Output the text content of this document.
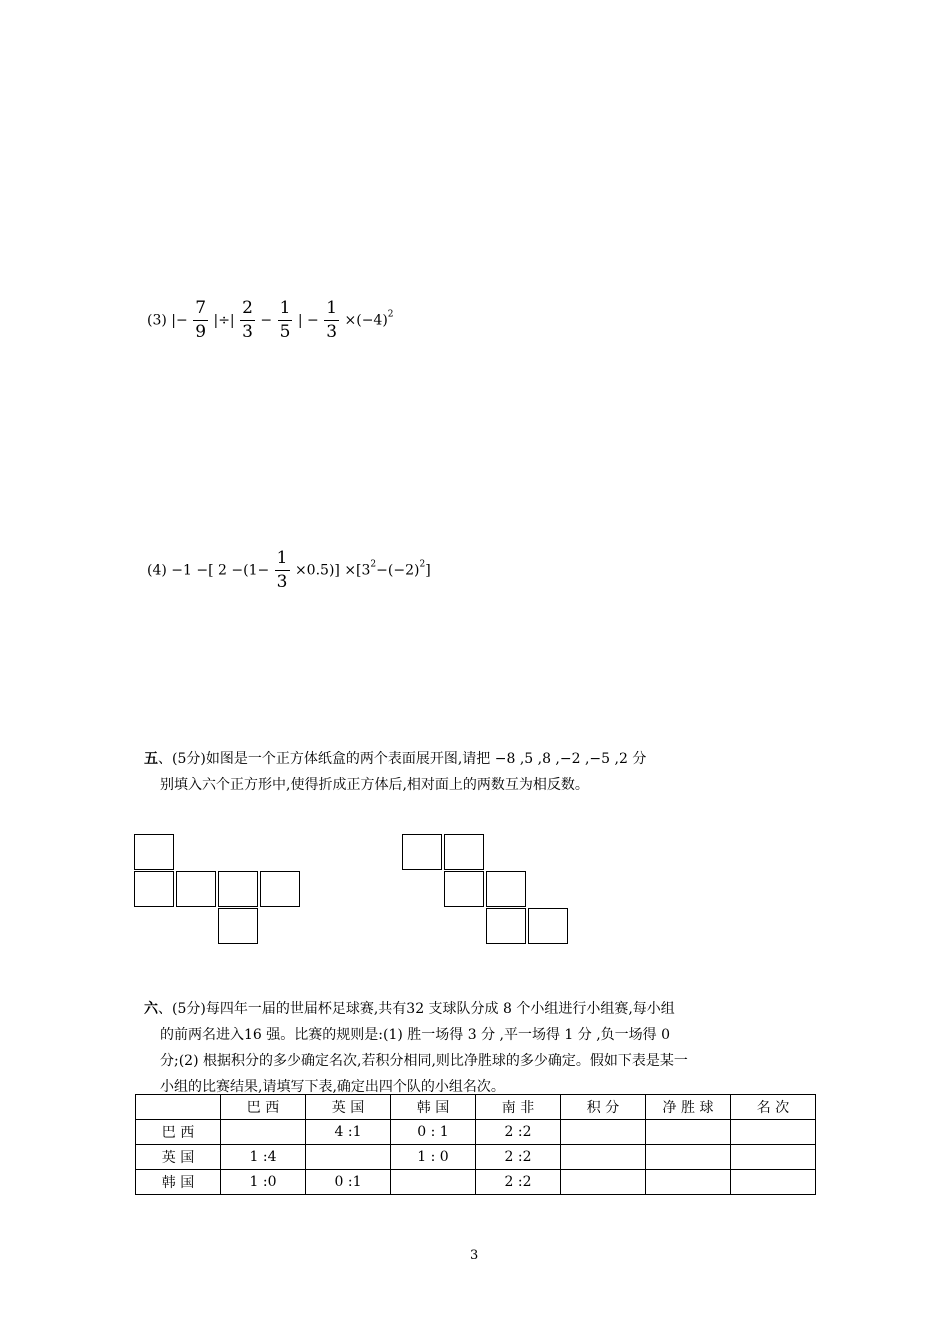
(3) |− $\frac{7}{9}$ |÷| $\frac{2}{3} - \frac{1}{5}$ | − $\frac{1}{3} \times(-4)^2$
(4) −1 −[ $2 -(1- \frac{1}{3} \times 0.5)] \times[3^2-(-2)^2]$
五、(5分)如图是一个正方体纸盒的两个表面展开图,请把 −8 ,5 ,8 ,−2 ,−5 ,2 分
别填入六个正方形中,使得折成正方体后,相对面上的两数互为相反数。
六、(5分)每四年一届的世届杯足球赛,共有32 支球队分成 8 个小组进行小组赛,每小组
的前两名进入16 强。比赛的规则是:(1) 胜一场得 3 分 ,平一场得 1 分 ,负一场得 0
分;(2) 根据积分的多少确定名次,若积分相同,则比净胜球的多少确定。假如下表是某一
小组的比赛结果,请填写下表,确定出四个队的小组名次。
	巴 西	英 国	韩 国	南 非	积 分	净 胜 球	名 次
巴 西		4 :1	0 : 1	2 :2			
英 国	1 :4		1 : 0	2 :2			
韩 国	1 :0	0 :1		2 :2			
3
